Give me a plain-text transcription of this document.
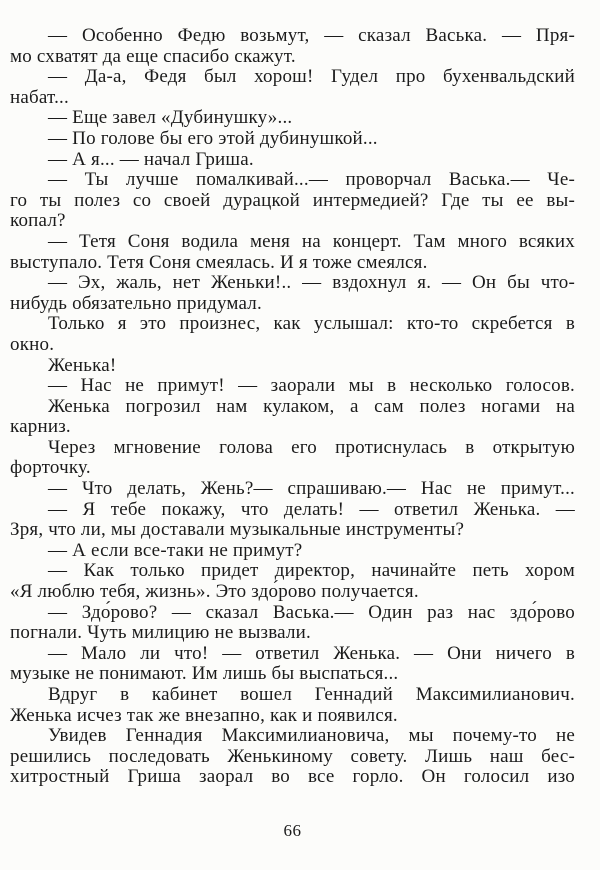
— Особенно Федю возьмут, — сказал Васька. — Пря-
мо схватят да еще спасибо скажут.
— Да-а, Федя был хорош! Гудел про бухенвальдский
набат...
— Еще завел «Дубинушку»...
— По голове бы его этой дубинушкой...
— А я... — начал Гриша.
— Ты лучше помалкивай...— проворчал Васька.— Че-
го ты полез со своей дурацкой интермедией? Где ты ее вы-
копал?
— Тетя Соня водила меня на концерт. Там много всяких
выступало. Тетя Соня смеялась. И я тоже смеялся.
— Эх, жаль, нет Женьки!.. — вздохнул я. — Он бы что-
нибудь обязательно придумал.
Только я это произнес, как услышал: кто-то скребется в
окно.
Женька!
— Нас не примут! — заорали мы в несколько голосов.
Женька погрозил нам кулаком, а сам полез ногами на
карниз.
Через мгновение голова его протиснулась в открытую
форточку.
— Что делать, Жень?— спрашиваю.— Нас не примут...
— Я тебе покажу, что делать! — ответил Женька. —
Зря, что ли, мы доставали музыкальные инструменты?
— А если все-таки не примут?
— Как только придет директор, начинайте петь хором
«Я люблю тебя, жизнь». Это здо́рово получается.
— Здо́рово? — сказал Васька.— Один раз нас здо́рово
погнали. Чуть милицию не вызвали.
— Мало ли что! — ответил Женька. — Они ничего в
музыке не понимают. Им лишь бы выспаться...
Вдруг в кабинет вошел Геннадий Максимилианович.
Женька исчез так же внезапно, как и появился.
Увидев Геннадия Максимилиановича, мы почему-то не
решились последовать Женькиному совету. Лишь наш бес-
хитростный Гриша заорал во все горло. Он голосил изо
66
